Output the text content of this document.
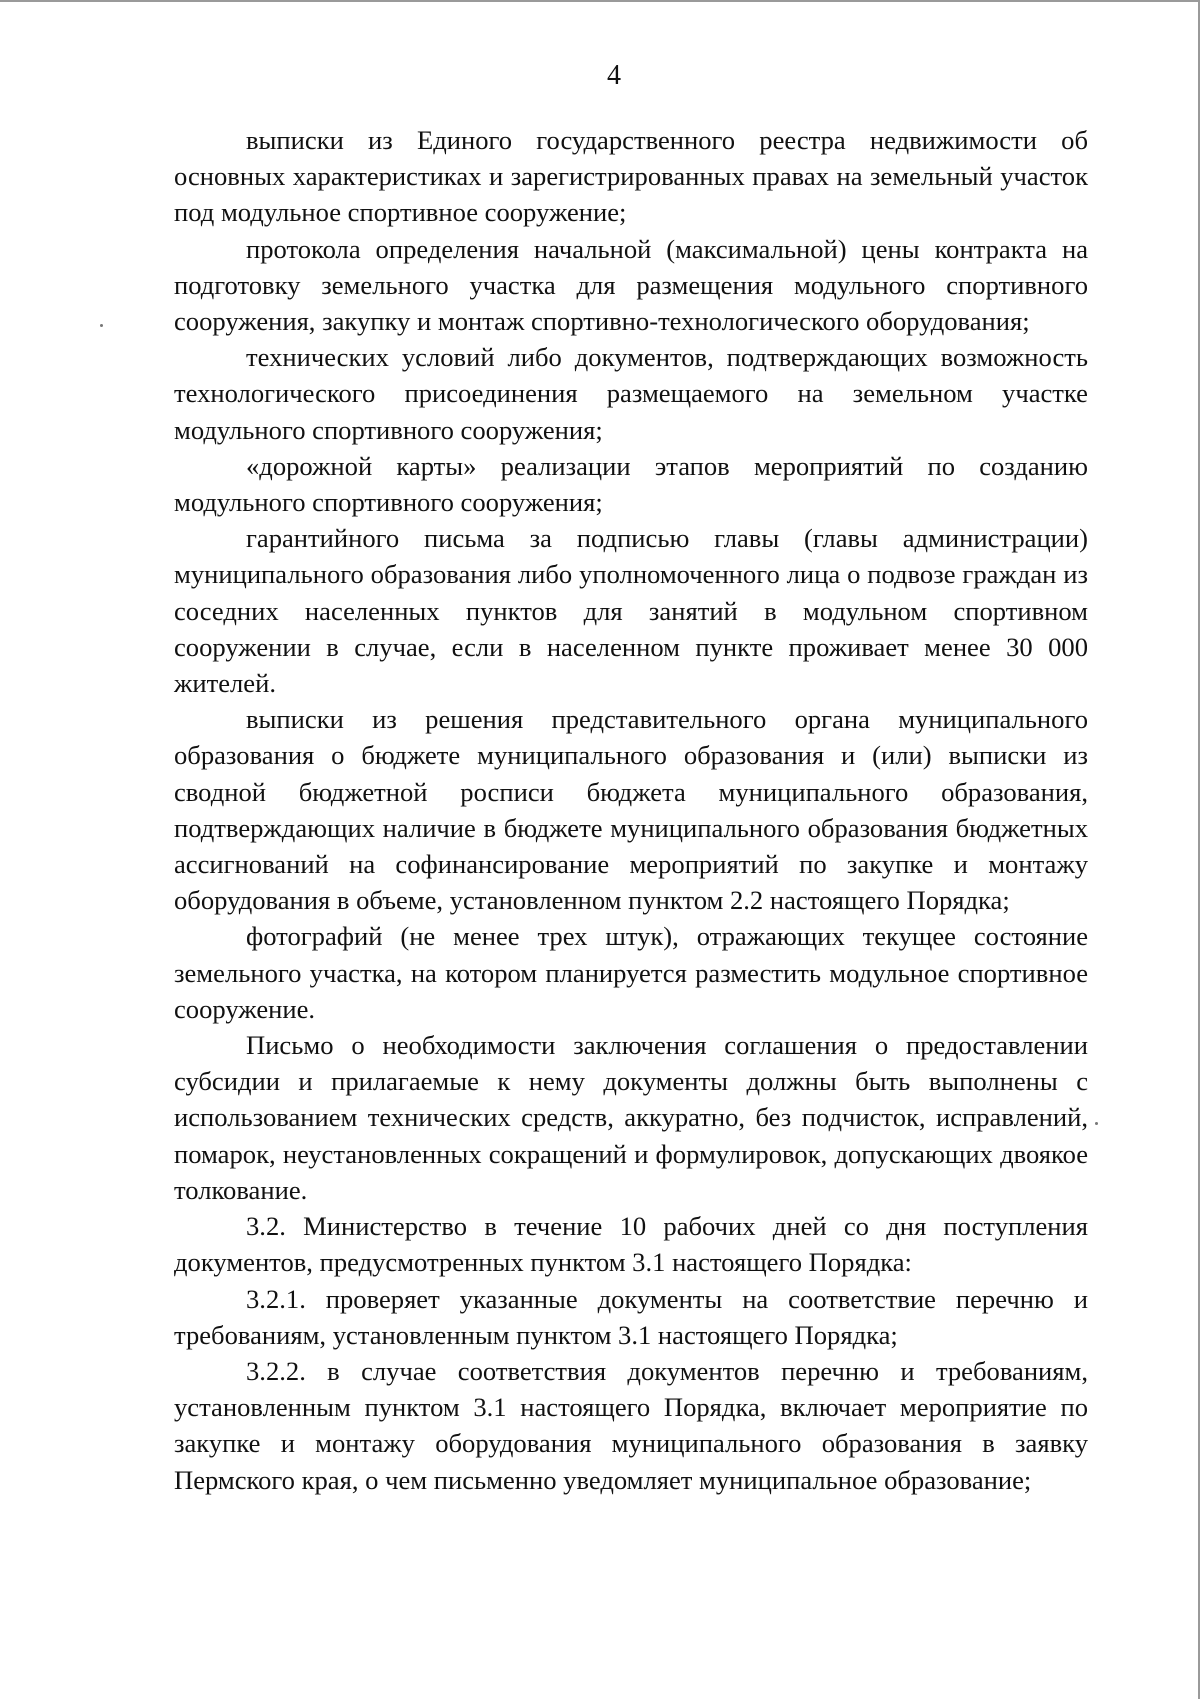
4

выписки из Единого государственного реестра недвижимости об основных характеристиках и зарегистрированных правах на земельный участок под модульное спортивное сооружение;

протокола определения начальной (максимальной) цены контракта на подготовку земельного участка для размещения модульного спортивного сооружения, закупку и монтаж спортивно-технологического оборудования;

технических условий либо документов, подтверждающих возможность технологического присоединения размещаемого на земельном участке модульного спортивного сооружения;

«дорожной карты» реализации этапов мероприятий по созданию модульного спортивного сооружения;

гарантийного письма за подписью главы (главы администрации) муниципального образования либо уполномоченного лица о подвозе граждан из соседних населенных пунктов для занятий в модульном спортивном сооружении в случае, если в населенном пункте проживает менее 30 000 жителей.

выписки из решения представительного органа муниципального образования о бюджете муниципального образования и (или) выписки из сводной бюджетной росписи бюджета муниципального образования, подтверждающих наличие в бюджете муниципального образования бюджетных ассигнований на софинансирование мероприятий по закупке и монтажу оборудования в объеме, установленном пунктом 2.2 настоящего Порядка;

фотографий (не менее трех штук), отражающих текущее состояние земельного участка, на котором планируется разместить модульное спортивное сооружение.

Письмо о необходимости заключения соглашения о предоставлении субсидии и прилагаемые к нему документы должны быть выполнены с использованием технических средств, аккуратно, без подчисток, исправлений, помарок, неустановленных сокращений и формулировок, допускающих двоякое толкование.

3.2. Министерство в течение 10 рабочих дней со дня поступления документов, предусмотренных пунктом 3.1 настоящего Порядка:

3.2.1. проверяет указанные документы на соответствие перечню и требованиям, установленным пунктом 3.1 настоящего Порядка;

3.2.2. в случае соответствия документов перечню и требованиям, установленным пунктом 3.1 настоящего Порядка, включает мероприятие по закупке и монтажу оборудования муниципального образования в заявку Пермского края, о чем письменно уведомляет муниципальное образование;
